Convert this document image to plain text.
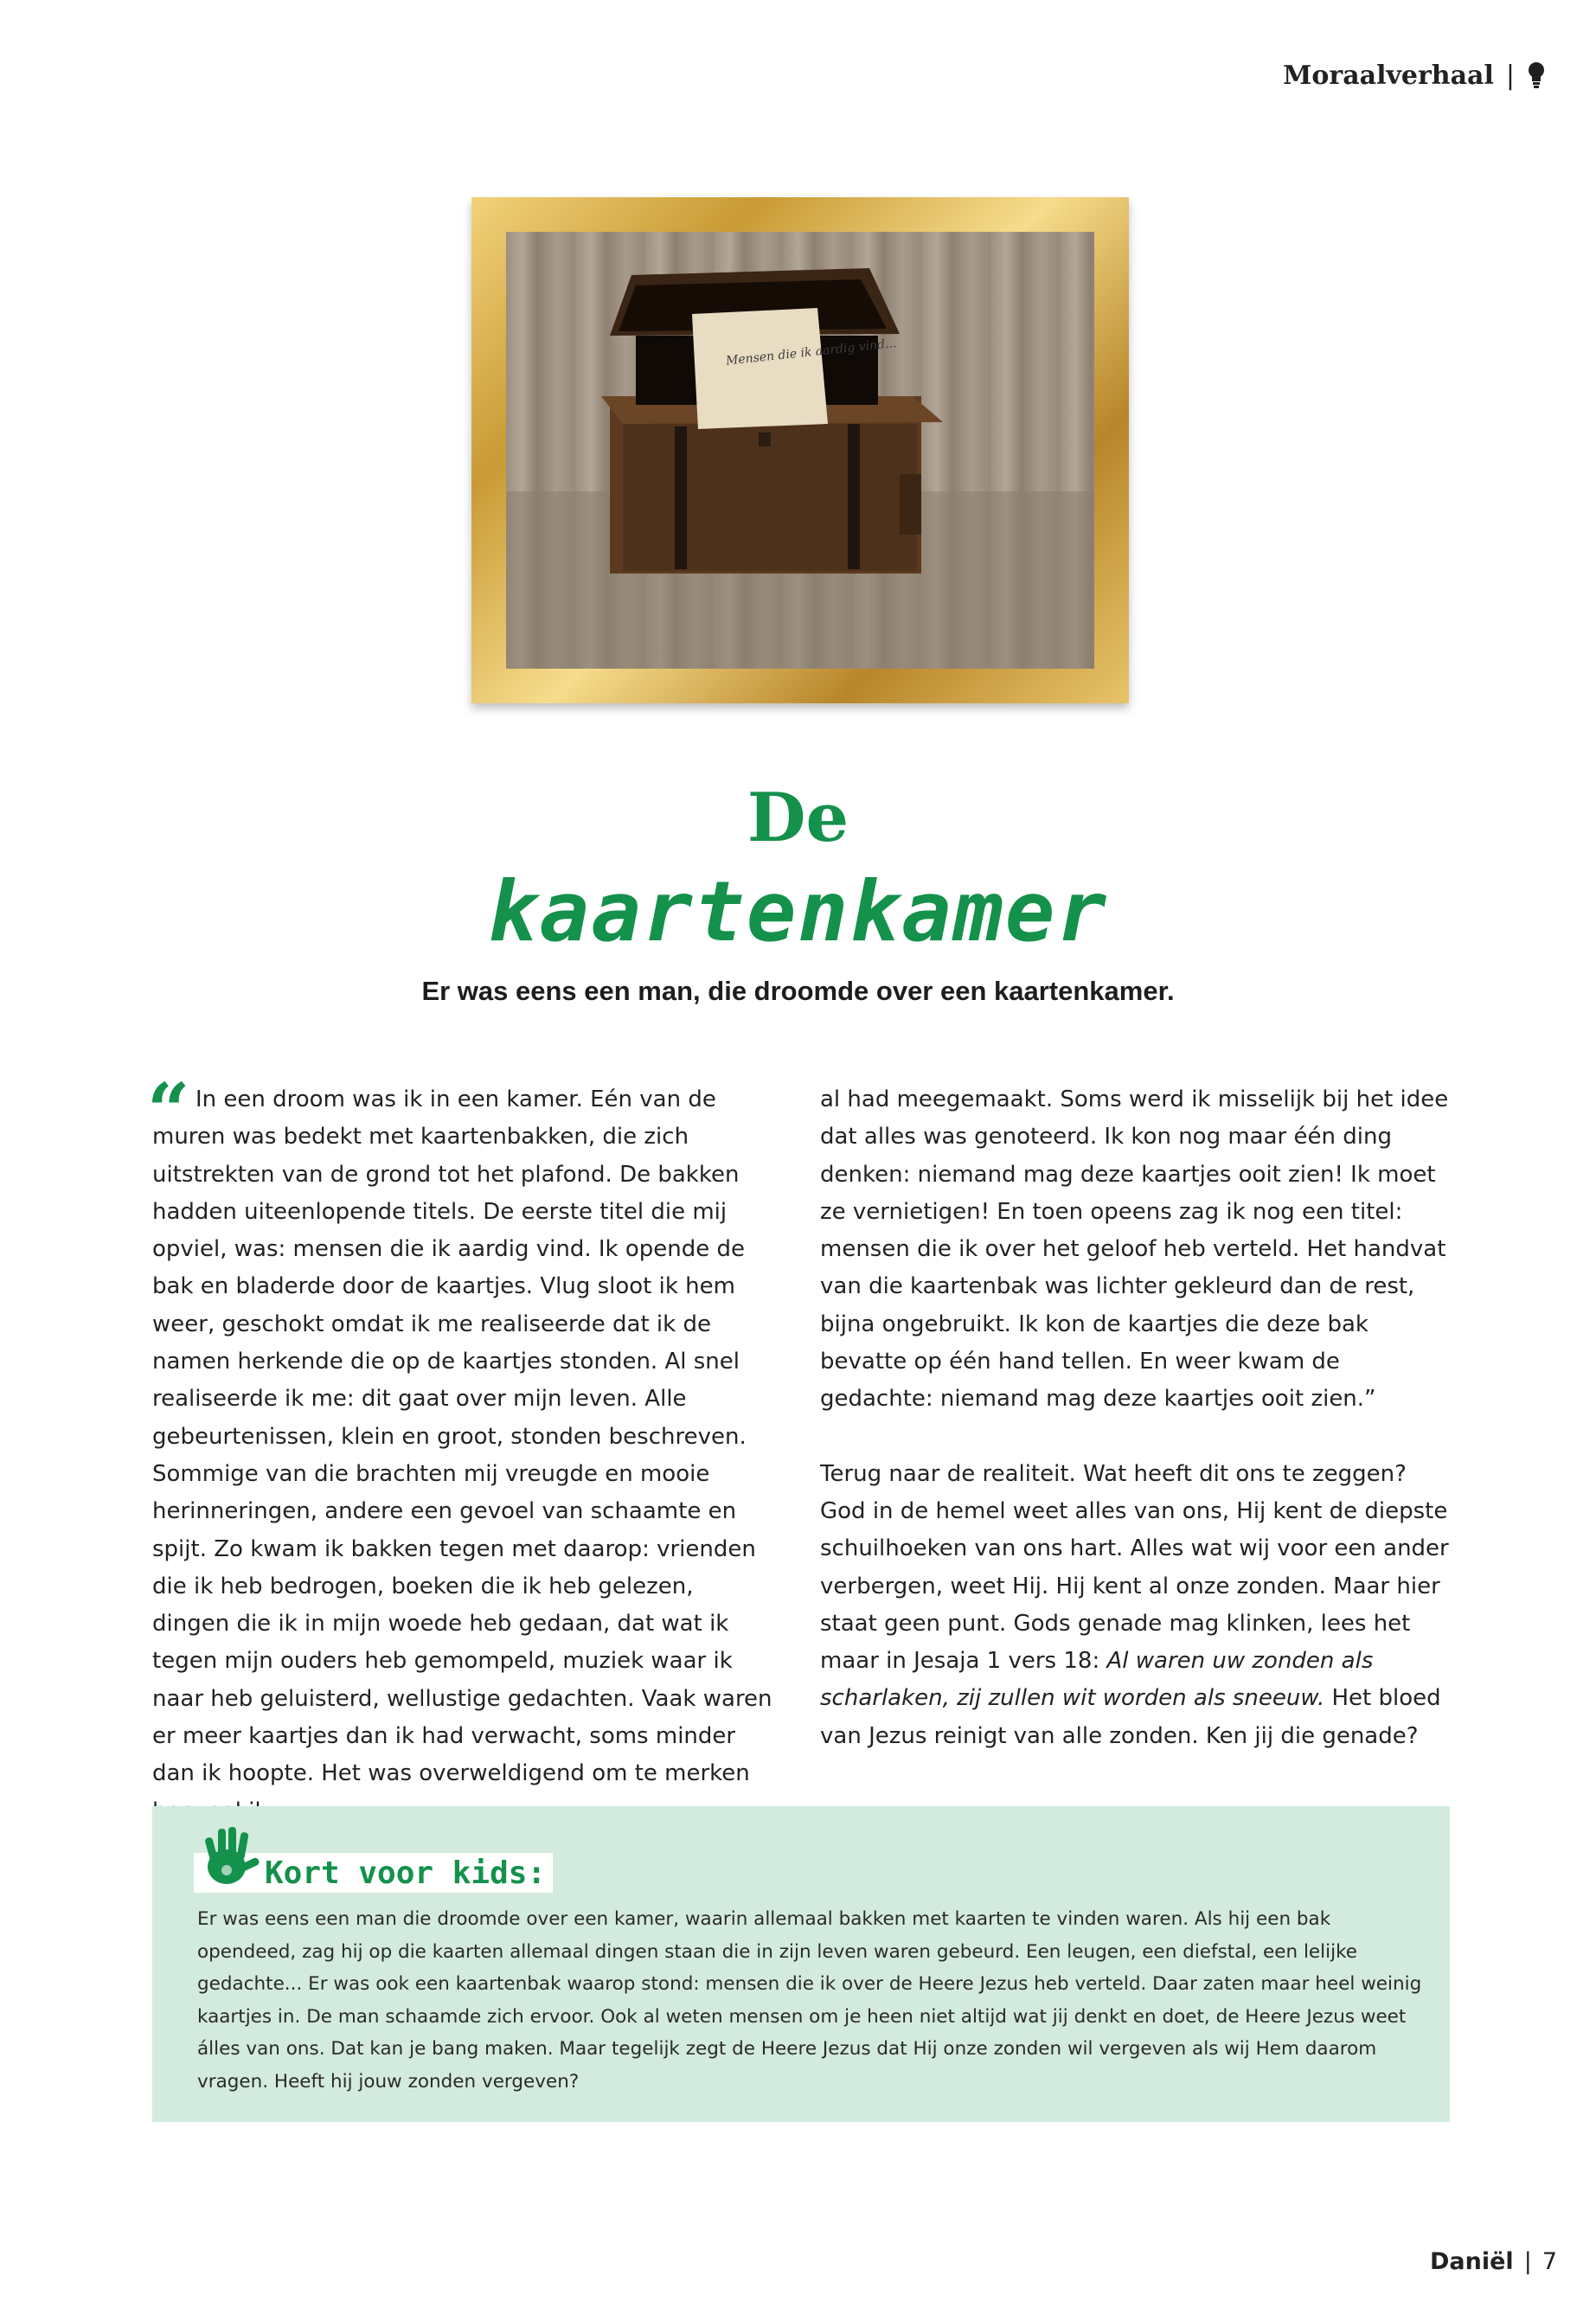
Moraalverhaal |
Mensen die ik aardig vind...
De
kaartenkamer
Er was eens een man, die droomde over een kaartenkamer.
“ In een droom was ik in een kamer. Eén van de muren was bedekt met kaartenbakken, die zich uitstrekten van de grond tot het plafond. De bakken hadden uiteenlopende titels. De eerste titel die mij opviel, was: mensen die ik aardig vind. Ik opende de bak en bladerde door de kaartjes. Vlug sloot ik hem weer, geschokt omdat ik me realiseerde dat ik de namen herkende die op de kaartjes stonden. Al snel realiseerde ik me: dit gaat over mijn leven. Alle gebeurtenissen, klein en groot, stonden beschreven. Sommige van die brachten mij vreugde en mooie herinneringen, andere een gevoel van schaamte en spijt. Zo kwam ik bakken tegen met daarop: vrienden die ik heb bedrogen, boeken die ik heb gelezen, dingen die ik in mijn woede heb gedaan, dat wat ik tegen mijn ouders heb gemompeld, muziek waar ik naar heb geluisterd, wellustige gedachten. Vaak waren er meer kaartjes dan ik had verwacht, soms minder dan ik hoopte. Het was overweldigend om te merken

al had meegemaakt. Soms werd ik misselijk bij het idee dat alles was genoteerd. Ik kon nog maar één ding denken: niemand mag deze kaartjes ooit zien! Ik moet ze vernietigen! En toen opeens zag ik nog een titel: mensen die ik over het geloof heb verteld. Het handvat van die kaartenbak was lichter gekleurd dan de rest, bijna ongebruikt. Ik kon de kaartjes die deze bak bevatte op één hand tellen. En weer kwam de gedachte: niemand mag deze kaartjes ooit zien.”

Terug naar de realiteit. Wat heeft dit ons te zeggen? God in de hemel weet alles van ons, Hij kent de diepste schuilhoeken van ons hart. Alles wat wij voor een ander verbergen, weet Hij. Hij kent al onze zonden. Maar hier staat geen punt. Gods genade mag klinken, lees het maar in Jesaja 1 vers 18: Al waren uw zonden als scharlaken, zij zullen wit worden als sneeuw. Het bloed van Jezus reinigt van alle zonden. Ken jij die genade?

Kort voor kids:
Er was eens een man die droomde over een kamer, waarin allemaal bakken met kaarten te vinden waren. Als hij een bak opendeed, zag hij op die kaarten allemaal dingen staan die in zijn leven waren gebeurd. Een leugen, een diefstal, een lelijke gedachte... Er was ook een kaartenbak waarop stond: mensen die ik over de Heere Jezus heb verteld. Daar zaten maar heel weinig kaartjes in. De man schaamde zich ervoor. Ook al weten mensen om je heen niet altijd wat jij denkt en doet, de Heere Jezus weet álles van ons. Dat kan je bang maken. Maar tegelijk zegt de Heere Jezus dat Hij onze zonden wil vergeven als wij Hem daarom vragen. Heeft hij jouw zonden vergeven?
Daniël | 7
